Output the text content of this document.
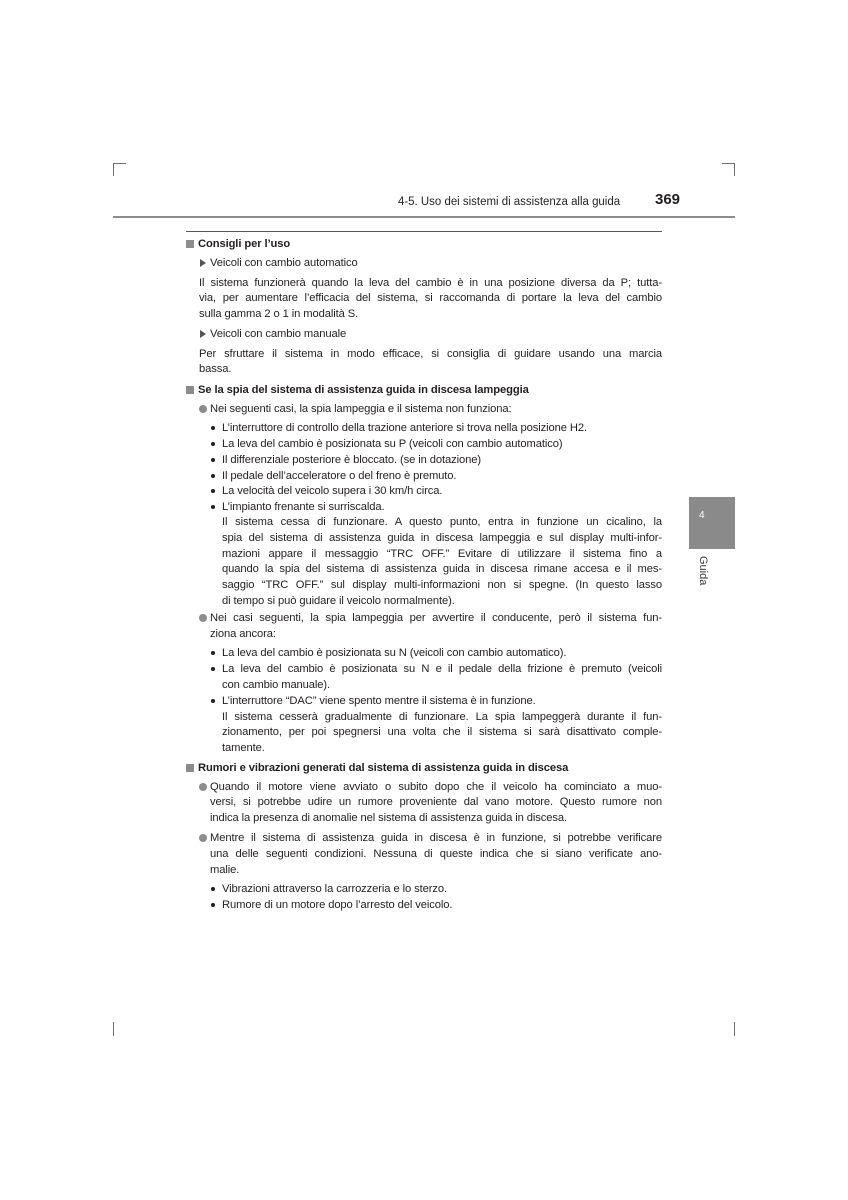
4-5. Uso dei sistemi di assistenza alla guida 369
4
Guida
Consigli per l’uso
Veicoli con cambio automatico
Il sistema funzionerà quando la leva del cambio è in una posizione diversa da P; tutta-
via, per aumentare l’efficacia del sistema, si raccomanda di portare la leva del cambio
sulla gamma 2 o 1 in modalità S.
Veicoli con cambio manuale
Per sfruttare il sistema in modo efficace, si consiglia di guidare usando una marcia
bassa.
Se la spia del sistema di assistenza guida in discesa lampeggia
Nei seguenti casi, la spia lampeggia e il sistema non funziona:
L’interruttore di controllo della trazione anteriore si trova nella posizione H2.
La leva del cambio è posizionata su P (veicoli con cambio automatico)
Il differenziale posteriore è bloccato. (se in dotazione)
Il pedale dell’acceleratore o del freno è premuto.
La velocità del veicolo supera i 30 km/h circa.
L’impianto frenante si surriscalda.
Il sistema cessa di funzionare. A questo punto, entra in funzione un cicalino, la
spia del sistema di assistenza guida in discesa lampeggia e sul display multi-infor-
mazioni appare il messaggio “TRC OFF.” Evitare di utilizzare il sistema fino a
quando la spia del sistema di assistenza guida in discesa rimane accesa e il mes-
saggio “TRC OFF.” sul display multi-informazioni non si spegne. (In questo lasso
di tempo si può guidare il veicolo normalmente).
Nei casi seguenti, la spia lampeggia per avvertire il conducente, però il sistema fun-
ziona ancora:
La leva del cambio è posizionata su N (veicoli con cambio automatico).
La leva del cambio è posizionata su N e il pedale della frizione è premuto (veicoli
con cambio manuale).
L’interruttore “DAC” viene spento mentre il sistema è in funzione.
Il sistema cesserà gradualmente di funzionare. La spia lampeggerà durante il fun-
zionamento, per poi spegnersi una volta che il sistema si sarà disattivato comple-
tamente.
Rumori e vibrazioni generati dal sistema di assistenza guida in discesa
Quando il motore viene avviato o subito dopo che il veicolo ha cominciato a muo-
versi, si potrebbe udire un rumore proveniente dal vano motore. Questo rumore non
indica la presenza di anomalie nel sistema di assistenza guida in discesa.
Mentre il sistema di assistenza guida in discesa è in funzione, si potrebbe verificare
una delle seguenti condizioni. Nessuna di queste indica che si siano verificate ano-
malie.
Vibrazioni attraverso la carrozzeria e lo sterzo.
Rumore di un motore dopo l’arresto del veicolo.
